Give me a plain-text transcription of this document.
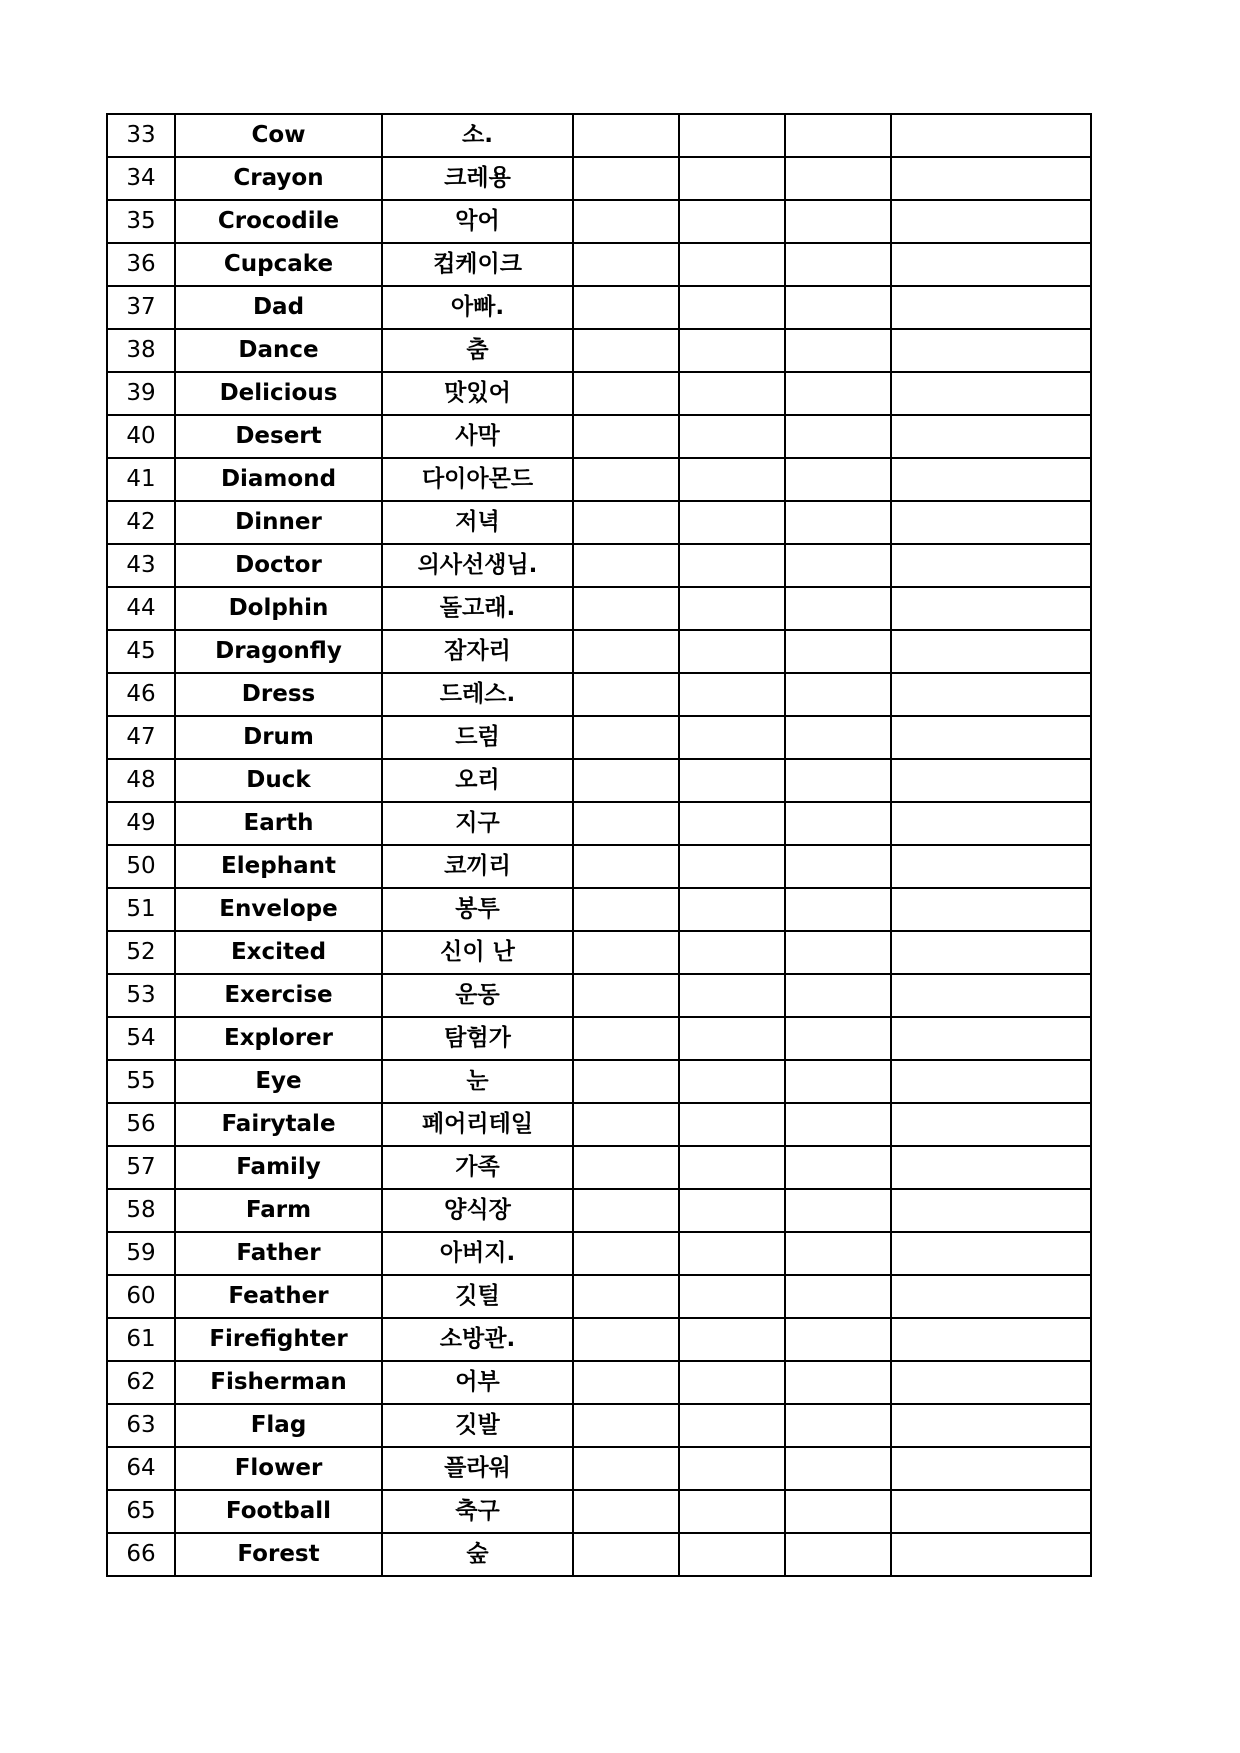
33	Cow	소.				
34	Crayon	크레용				
35	Crocodile	악어				
36	Cupcake	컵케이크				
37	Dad	아빠.				
38	Dance	춤				
39	Delicious	맛있어				
40	Desert	사막				
41	Diamond	다이아몬드				
42	Dinner	저녁				
43	Doctor	의사선생님.				
44	Dolphin	돌고래.				
45	Dragonfly	잠자리				
46	Dress	드레스.				
47	Drum	드럼				
48	Duck	오리				
49	Earth	지구				
50	Elephant	코끼리				
51	Envelope	봉투				
52	Excited	신이 난				
53	Exercise	운동				
54	Explorer	탐험가				
55	Eye	눈				
56	Fairytale	페어리테일				
57	Family	가족				
58	Farm	양식장				
59	Father	아버지.				
60	Feather	깃털				
61	Firefighter	소방관.				
62	Fisherman	어부				
63	Flag	깃발				
64	Flower	플라워				
65	Football	축구				
66	Forest	숲				
